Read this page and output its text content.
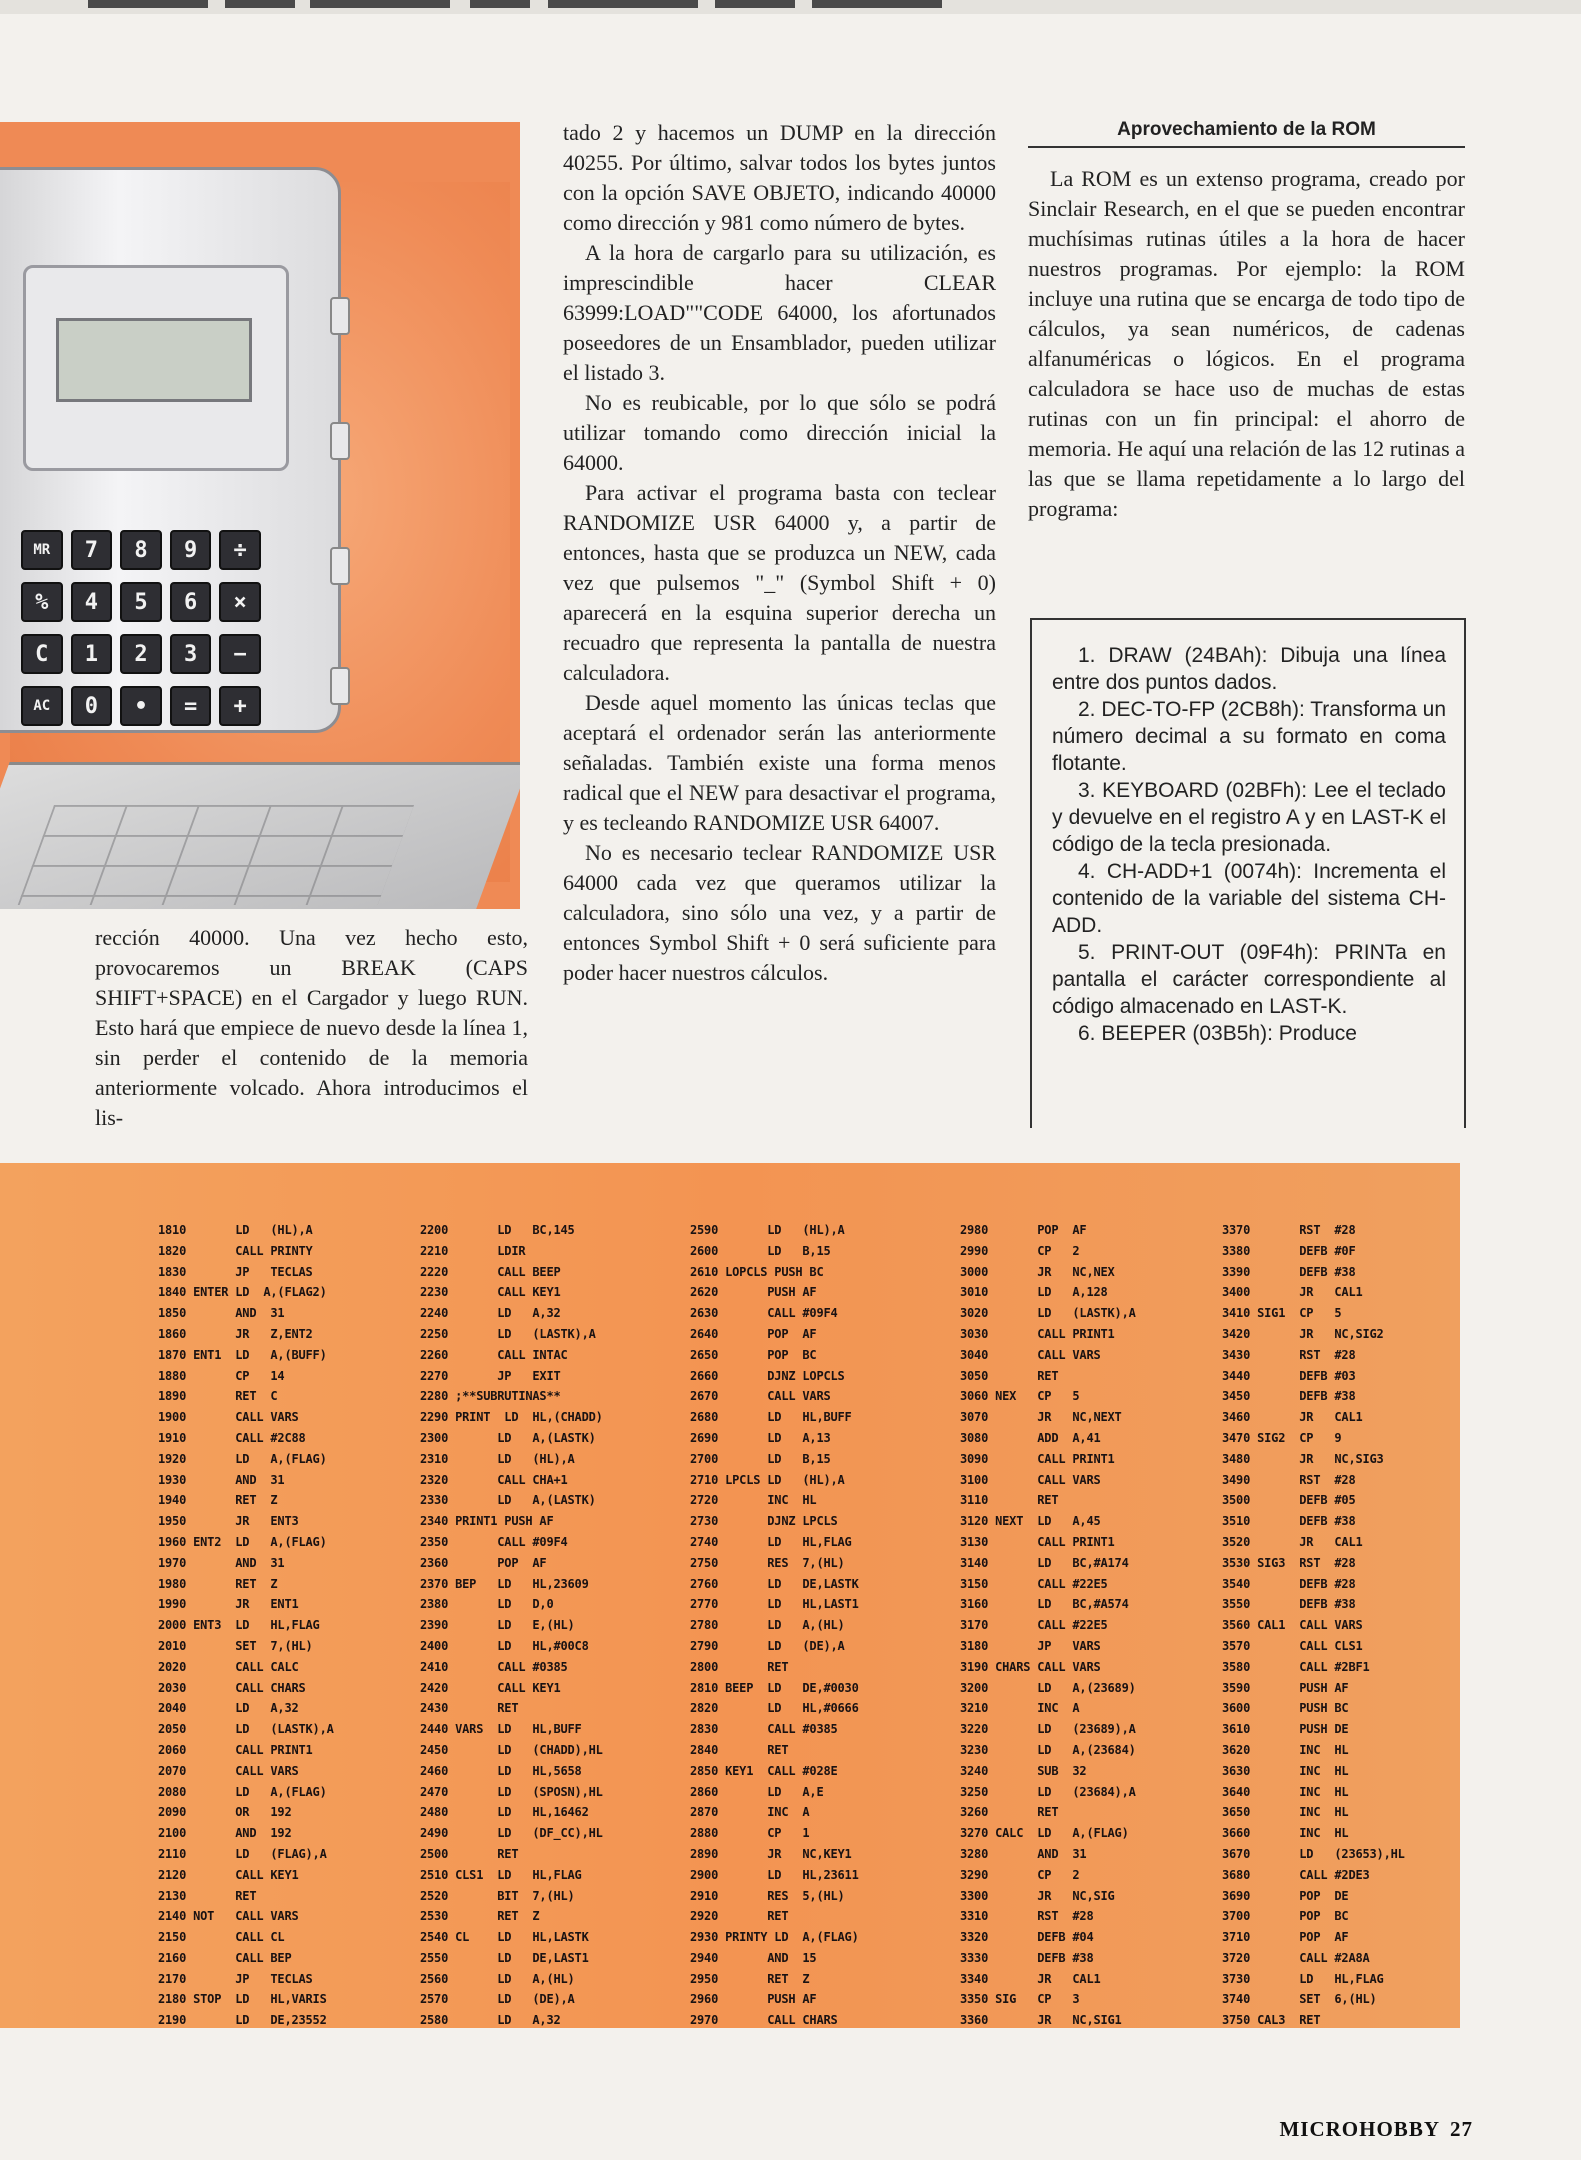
MR	7	8	9	÷
%	4	5	6	×
C	1	2	3	−
AC	0	•	=	+

rección 40000. Una vez hecho esto, provocaremos un BREAK (CAPS SHIFT+SPACE) en el Cargador y luego RUN. Esto hará que empiece de nuevo desde la línea 1, sin perder el contenido de la memoria anteriormente volcado. Ahora introducimos el lis-

tado 2 y hacemos un DUMP en la dirección 40255. Por último, salvar todos los bytes juntos con la opción SAVE OBJETO, indicando 40000 como dirección y 981 como número de bytes.

A la hora de cargarlo para su utilización, es imprescindible hacer CLEAR 63999:LOAD""CODE 64000, los afortunados poseedores de un Ensamblador, pueden utilizar el listado 3.

No es reubicable, por lo que sólo se podrá utilizar tomando como dirección inicial la 64000.

Para activar el programa basta con teclear RANDOMIZE USR 64000 y, a partir de entonces, hasta que se produzca un NEW, cada vez que pulsemos "_" (Symbol Shift + 0) aparecerá en la esquina superior derecha un recuadro que representa la pantalla de nuestra calculadora.

Desde aquel momento las únicas teclas que aceptará el ordenador serán las anteriormente señaladas. También existe una forma menos radical que el NEW para desactivar el programa, y es tecleando RANDOMIZE USR 64007.

No es necesario teclear RANDOMIZE USR 64000 cada vez que queramos utilizar la calculadora, sino sólo una vez, y a partir de entonces Symbol Shift + 0 será suficiente para poder hacer nuestros cálculos.

Aprovechamiento de la ROM

La ROM es un extenso programa, creado por Sinclair Research, en el que se pueden encontrar muchísimas rutinas útiles a la hora de hacer nuestros programas. Por ejemplo: la ROM incluye una rutina que se encarga de todo tipo de cálculos, ya sean numéricos, de cadenas alfanuméricas o lógicos. En el programa calculadora se hace uso de muchas de estas rutinas con un fin principal: el ahorro de memoria. He aquí una relación de las 12 rutinas a las que se llama repetidamente a lo largo del programa:

1. DRAW (24BAh): Dibuja una línea entre dos puntos dados.
2. DEC-TO-FP (2CB8h): Transforma un número decimal a su formato en coma flotante.
3. KEYBOARD (02BFh): Lee el teclado y devuelve en el registro A y en LAST-K el código de la tecla presionada.
4. CH-ADD+1 (0074h): Incrementa el contenido de la variable del sistema CH-ADD.
5. PRINT-OUT (09F4h): PRINTa en pantalla el carácter correspondiente al código almacenado en LAST-K.
6. BEEPER (03B5h): Produce
1810       LD   (HL),A
1820       CALL PRINTY
1830       JP   TECLAS
1840 ENTER LD  A,(FLAG2)
1850       AND  31
1860       JR   Z,ENT2
1870 ENT1  LD   A,(BUFF)
1880       CP   14
1890       RET  C
1900       CALL VARS
1910       CALL #2C88
1920       LD   A,(FLAG)
1930       AND  31
1940       RET  Z
1950       JR   ENT3
1960 ENT2  LD   A,(FLAG)
1970       AND  31
1980       RET  Z
1990       JR   ENT1
2000 ENT3  LD   HL,FLAG
2010       SET  7,(HL)
2020       CALL CALC
2030       CALL CHARS
2040       LD   A,32
2050       LD   (LASTK),A
2060       CALL PRINT1
2070       CALL VARS
2080       LD   A,(FLAG)
2090       OR   192
2100       AND  192
2110       LD   (FLAG),A
2120       CALL KEY1
2130       RET
2140 NOT   CALL VARS
2150       CALL CL
2160       CALL BEP
2170       JP   TECLAS
2180 STOP  LD   HL,VARIS
2190       LD   DE,23552
2200       LD   BC,145
2210       LDIR
2220       CALL BEEP
2230       CALL KEY1
2240       LD   A,32
2250       LD   (LASTK),A
2260       CALL INTAC
2270       JP   EXIT
2280 ;**SUBRUTINAS**
2290 PRINT  LD  HL,(CHADD)
2300       LD   A,(LASTK)
2310       LD   (HL),A
2320       CALL CHA+1
2330       LD   A,(LASTK)
2340 PRINT1 PUSH AF
2350       CALL #09F4
2360       POP  AF
2370 BEP   LD   HL,23609
2380       LD   D,0
2390       LD   E,(HL)
2400       LD   HL,#00C8
2410       CALL #0385
2420       CALL KEY1
2430       RET
2440 VARS  LD   HL,BUFF
2450       LD   (CHADD),HL
2460       LD   HL,5658
2470       LD   (SPOSN),HL
2480       LD   HL,16462
2490       LD   (DF_CC),HL
2500       RET
2510 CLS1  LD   HL,FLAG
2520       BIT  7,(HL)
2530       RET  Z
2540 CL    LD   HL,LASTK
2550       LD   DE,LAST1
2560       LD   A,(HL)
2570       LD   (DE),A
2580       LD   A,32
2590       LD   (HL),A
2600       LD   B,15
2610 LOPCLS PUSH BC
2620       PUSH AF
2630       CALL #09F4
2640       POP  AF
2650       POP  BC
2660       DJNZ LOPCLS
2670       CALL VARS
2680       LD   HL,BUFF
2690       LD   A,13
2700       LD   B,15
2710 LPCLS LD   (HL),A
2720       INC  HL
2730       DJNZ LPCLS
2740       LD   HL,FLAG
2750       RES  7,(HL)
2760       LD   DE,LASTK
2770       LD   HL,LAST1
2780       LD   A,(HL)
2790       LD   (DE),A
2800       RET
2810 BEEP  LD   DE,#0030
2820       LD   HL,#0666
2830       CALL #0385
2840       RET
2850 KEY1  CALL #028E
2860       LD   A,E
2870       INC  A
2880       CP   1
2890       JR   NC,KEY1
2900       LD   HL,23611
2910       RES  5,(HL)
2920       RET
2930 PRINTY LD  A,(FLAG)
2940       AND  15
2950       RET  Z
2960       PUSH AF
2970       CALL CHARS
2980       POP  AF
2990       CP   2
3000       JR   NC,NEX
3010       LD   A,128
3020       LD   (LASTK),A
3030       CALL PRINT1
3040       CALL VARS
3050       RET
3060 NEX   CP   5
3070       JR   NC,NEXT
3080       ADD  A,41
3090       CALL PRINT1
3100       CALL VARS
3110       RET
3120 NEXT  LD   A,45
3130       CALL PRINT1
3140       LD   BC,#A174
3150       CALL #22E5
3160       LD   BC,#A574
3170       CALL #22E5
3180       JP   VARS
3190 CHARS CALL VARS
3200       LD   A,(23689)
3210       INC  A
3220       LD   (23689),A
3230       LD   A,(23684)
3240       SUB  32
3250       LD   (23684),A
3260       RET
3270 CALC  LD   A,(FLAG)
3280       AND  31
3290       CP   2
3300       JR   NC,SIG
3310       RST  #28
3320       DEFB #04
3330       DEFB #38
3340       JR   CAL1
3350 SIG   CP   3
3360       JR   NC,SIG1
3370       RST  #28
3380       DEFB #0F
3390       DEFB #38
3400       JR   CAL1
3410 SIG1  CP   5
3420       JR   NC,SIG2
3430       RST  #28
3440       DEFB #03
3450       DEFB #38
3460       JR   CAL1
3470 SIG2  CP   9
3480       JR   NC,SIG3
3490       RST  #28
3500       DEFB #05
3510       DEFB #38
3520       JR   CAL1
3530 SIG3  RST  #28
3540       DEFB #28
3550       DEFB #38
3560 CAL1  CALL VARS
3570       CALL CLS1
3580       CALL #2BF1
3590       PUSH AF
3600       PUSH BC
3610       PUSH DE
3620       INC  HL
3630       INC  HL
3640       INC  HL
3650       INC  HL
3660       INC  HL
3670       LD   (23653),HL
3680       CALL #2DE3
3690       POP  DE
3700       POP  BC
3710       POP  AF
3720       CALL #2A8A
3730       LD   HL,FLAG
3740       SET  6,(HL)
3750 CAL3  RET
MICROHOBBY 27
